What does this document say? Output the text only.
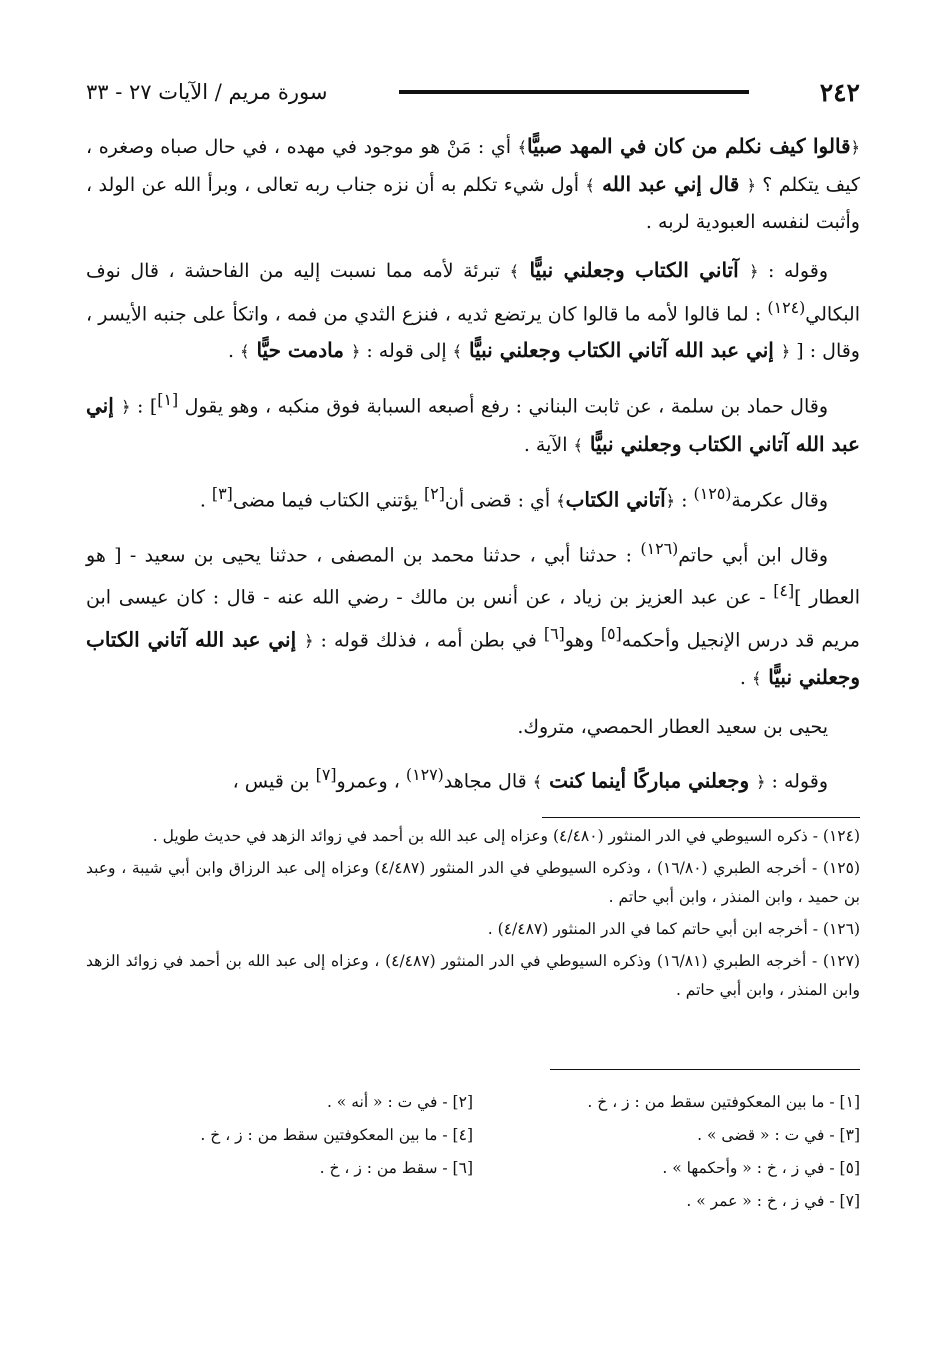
٢٤٢
سورة مريم / الآيات ٢٧ - ٣٣

﴿قالوا كيف نكلم من كان في المهد صبيًّا﴾ أي : مَنْ هو موجود في مهده ، في حال صباه وصغره ، كيف يتكلم ؟ ﴿ قال إني عبد الله ﴾ أول شيء تكلم به أن نزه جناب ربه تعالى ، وبرأ الله عن الولد ، وأثبت لنفسه العبودية لربه .

وقوله : ﴿ آتاني الكتاب وجعلني نبيًّا ﴾ تبرئة لأمه مما نسبت إليه من الفاحشة ، قال نوف البكالي$^{(١٢٤)}$ : لما قالوا لأمه ما قالوا كان يرتضع ثديه ، فنزع الثدي من فمه ، واتكأ على جنبه الأيسر ، وقال : [ ﴿ إني عبد الله آتاني الكتاب وجعلني نبيًّا ﴾ إلى قوله : ﴿ مادمت حيًّا ﴾ .

وقال حماد بن سلمة ، عن ثابت البناني : رفع أصبعه السبابة فوق منكبه ، وهو يقول [١]] : ﴿ إني عبد الله آتاني الكتاب وجعلني نبيًّا ﴾ الآية .

وقال عكرمة$^{(١٢٥)}$ : ﴿آتاني الكتاب﴾ أي : قضى أن[٢] يؤتني الكتاب فيما مضى[٣] .

وقال ابن أبي حاتم$^{(١٢٦)}$ : حدثنا أبي ، حدثنا محمد بن المصفى ، حدثنا يحيى بن سعيد - [ هو العطار ][٤] - عن عبد العزيز بن زياد ، عن أنس بن مالك - رضي الله عنه - قال : كان عيسى ابن مريم قد درس الإنجيل وأحكمه[٥] وهو[٦] في بطن أمه ، فذلك قوله : ﴿ إني عبد الله آتاني الكتاب وجعلني نبيًّا ﴾ .

يحيى بن سعيد العطار الحمصي، متروك.

وقوله : ﴿ وجعلني مباركًا أينما كنت ﴾ قال مجاهد$^{(١٢٧)}$ ، وعمرو[٧] بن قيس ،

(١٢٤) - ذكره السيوطي في الدر المنثور (٤/٤٨٠) وعزاه إلى عبد الله بن أحمد في زوائد الزهد في حديث طويل .
(١٢٥) - أخرجه الطبري (١٦/٨٠) ، وذكره السيوطي في الدر المنثور (٤/٤٨٧) وعزاه إلى عبد الرزاق وابن أبي شيبة ، وعبد بن حميد ، وابن المنذر ، وابن أبي حاتم .
(١٢٦) - أخرجه ابن أبي حاتم كما في الدر المنثور (٤/٤٨٧) .
(١٢٧) - أخرجه الطبري (١٦/٨١) وذكره السيوطي في الدر المنثور (٤/٤٨٧) ، وعزاه إلى عبد الله بن أحمد في زوائد الزهد وابن المنذر ، وابن أبي حاتم .
[١] - ما بين المعكوفتين سقط من : ز ، خ .
[٢] - في ت : « أنه » .
[٣] - في ت : « قضى » .
[٤] - ما بين المعكوفتين سقط من : ز ، خ .
[٥] - في ز ، خ : « وأحكمها » .
[٦] - سقط من : ز ، خ .
[٧] - في ز ، خ : « عمر » .
